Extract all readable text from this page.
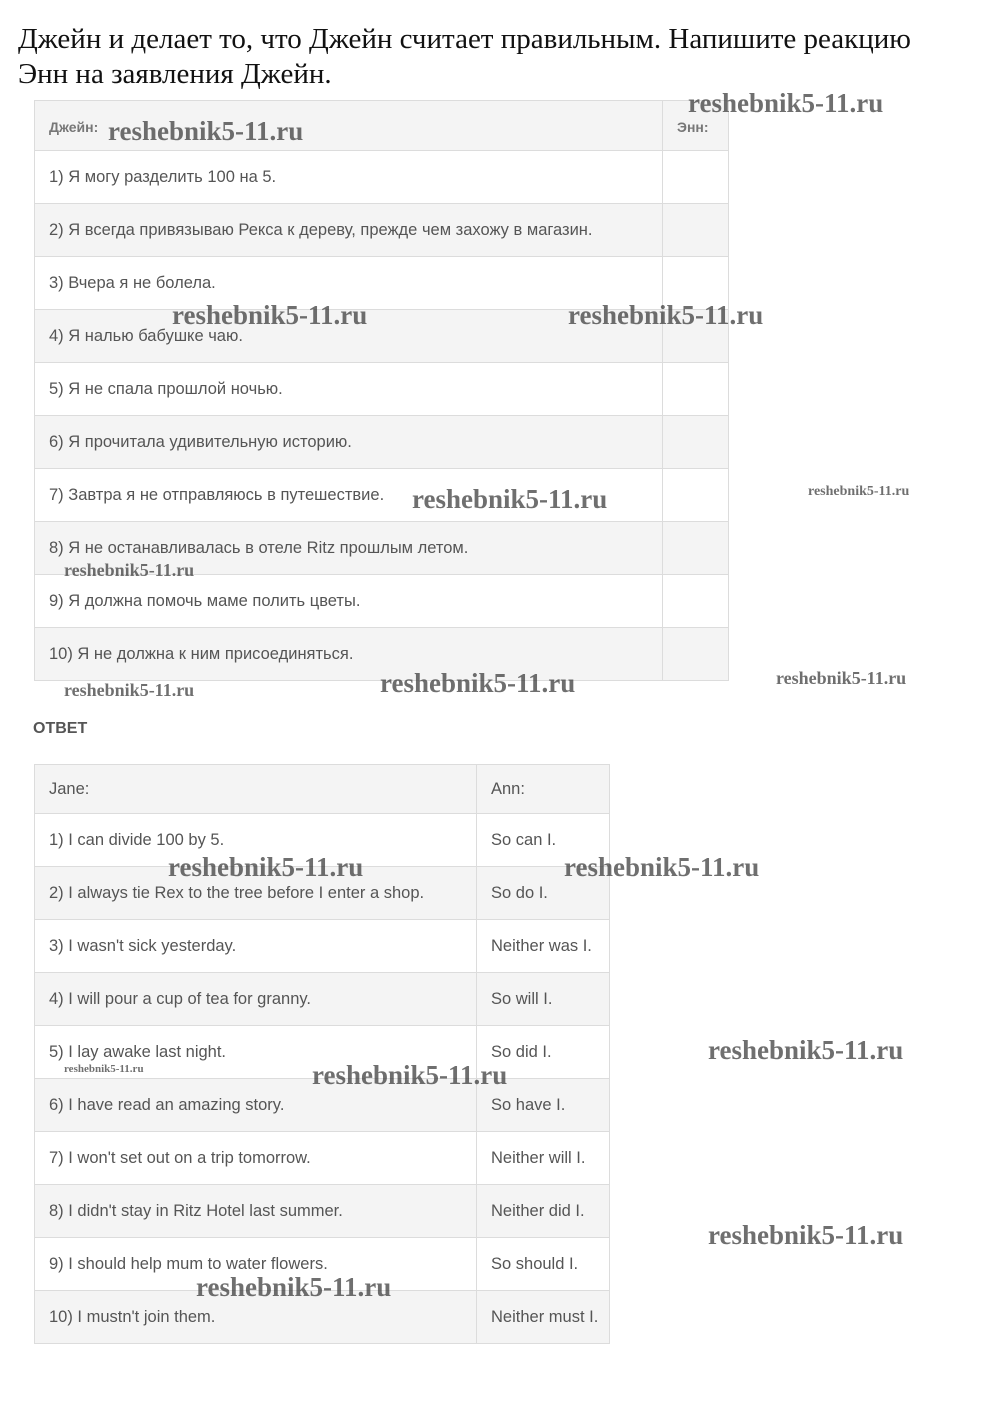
Джейн и делает то, что Джейн считает правильным. Напишите реакцию
Энн на заявления Джейн.
Джейн:	Энн:
1) Я могу разделить 100 на 5.	
2) Я всегда привязываю Рекса к дереву, прежде чем захожу в магазин.	
3) Вчера я не болела.	
4) Я налью бабушке чаю.	
5) Я не спала прошлой ночью.	
6) Я прочитала удивительную историю.	
7) Завтра я не отправляюсь в путешествие.	
8) Я не останавливалась в отеле Ritz прошлым летом.	
9) Я должна помочь маме полить цветы.	
10) Я не должна к ним присоединяться.	
ОТВЕТ
Jane:	Ann:
1) I can divide 100 by 5.	So can I.
2) I always tie Rex to the tree before I enter a shop.	So do I.
3) I wasn't sick yesterday.	Neither was I.
4) I will pour a cup of tea for granny.	So will I.
5) I lay awake last night.	So did I.
6) I have read an amazing story.	So have I.
7) I won't set out on a trip tomorrow.	Neither will I.
8) I didn't stay in Ritz Hotel last summer.	Neither did I.
9) I should help mum to water flowers.	So should I.
10) I mustn't join them.	Neither must I.
reshebnik5-11.ru
reshebnik5-11.ru
reshebnik5-11.ru	reshebnik5-11.ru
reshebnik5-11.ru	reshebnik5-11.ru
reshebnik5-11.ru
reshebnik5-11.ru	reshebnik5-11.ru	reshebnik5-11.ru
reshebnik5-11.ru	reshebnik5-11.ru
reshebnik5-11.ru
reshebnik5-11.ru	reshebnik5-11.ru
reshebnik5-11.ru
reshebnik5-11.ru
